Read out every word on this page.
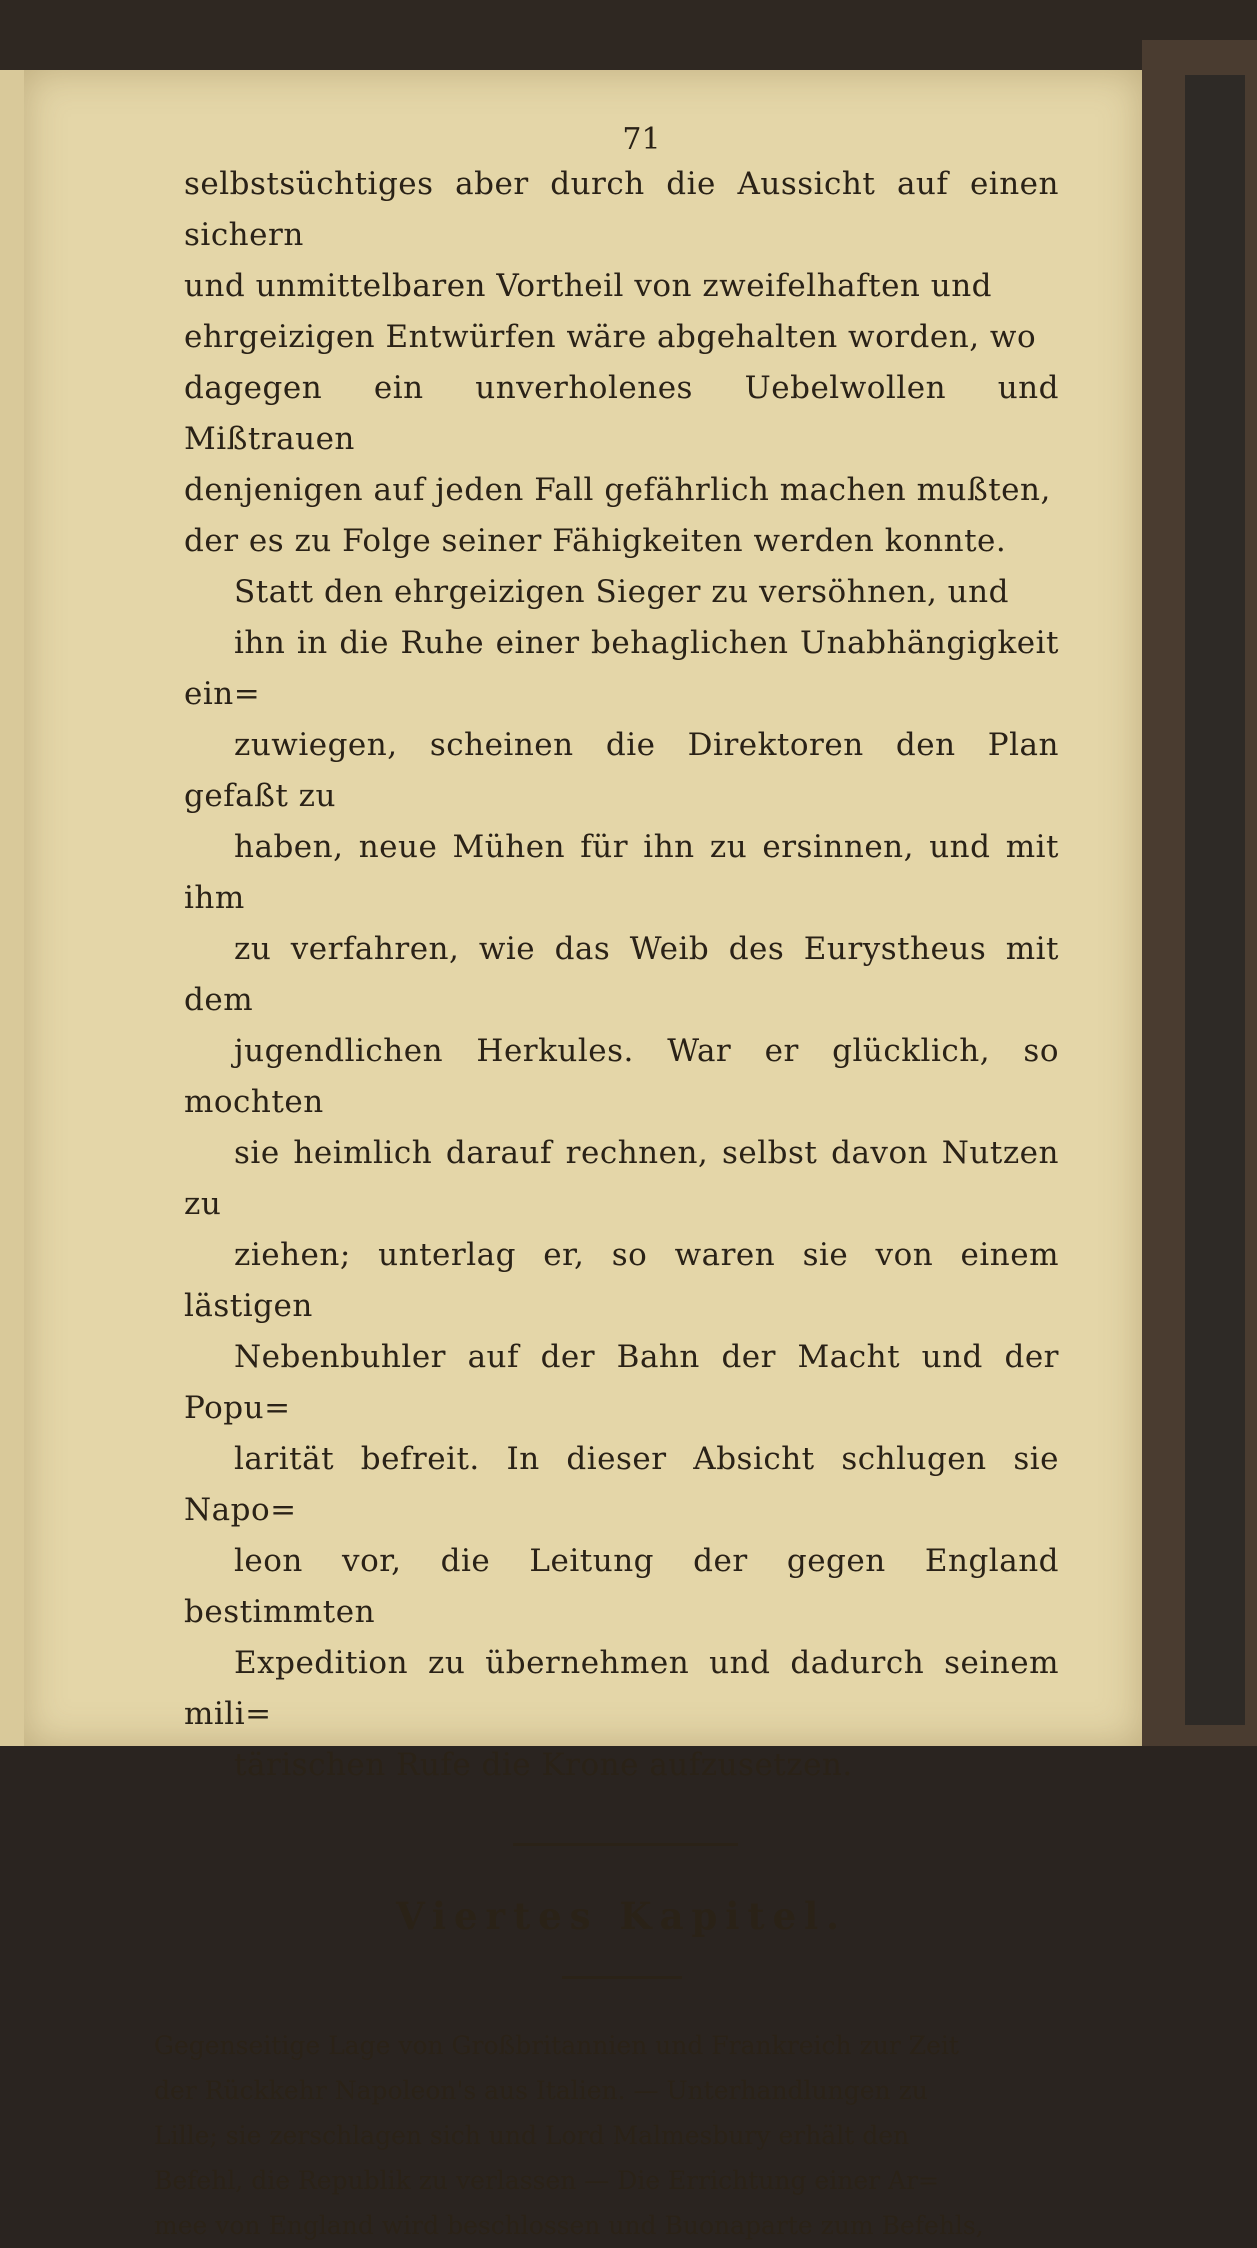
71

selbstsüchtiges aber durch die Aussicht auf einen sichern
und unmittelbaren Vortheil von zweifelhaften und
ehrgeizigen Entwürfen wäre abgehalten worden, wo
dagegen ein unverholenes Uebelwollen und Mißtrauen
denjenigen auf jeden Fall gefährlich machen mußten,
der es zu Folge seiner Fähigkeiten werden konnte.

Statt den ehrgeizigen Sieger zu versöhnen, und
ihn in die Ruhe einer behaglichen Unabhängigkeit ein=
zuwiegen, scheinen die Direktoren den Plan gefaßt zu
haben, neue Mühen für ihn zu ersinnen, und mit ihm
zu verfahren, wie das Weib des Eurystheus mit dem
jugendlichen Herkules. War er glücklich, so mochten
sie heimlich darauf rechnen, selbst davon Nutzen zu
ziehen; unterlag er, so waren sie von einem lästigen
Nebenbuhler auf der Bahn der Macht und der Popu=
larität befreit. In dieser Absicht schlugen sie Napo=
leon vor, die Leitung der gegen England bestimmten
Expedition zu übernehmen und dadurch seinem mili=
tärischen Rufe die Krone aufzusetzen.

Viertes Kapitel.
Gegenseitige Lage von Großbritannien und Frankreich zur Zeit
der Rückkehr Napoleon's aus Italien. — Unterhandlungen zu
Lille; sie zerschlagen sich und Lord Malmesbury erhält den
Befehl, die Republik zu verlassen — Die Errichtung einer Ar=
mee von England wird beschlossen und Buonaparte zum Befehls,
